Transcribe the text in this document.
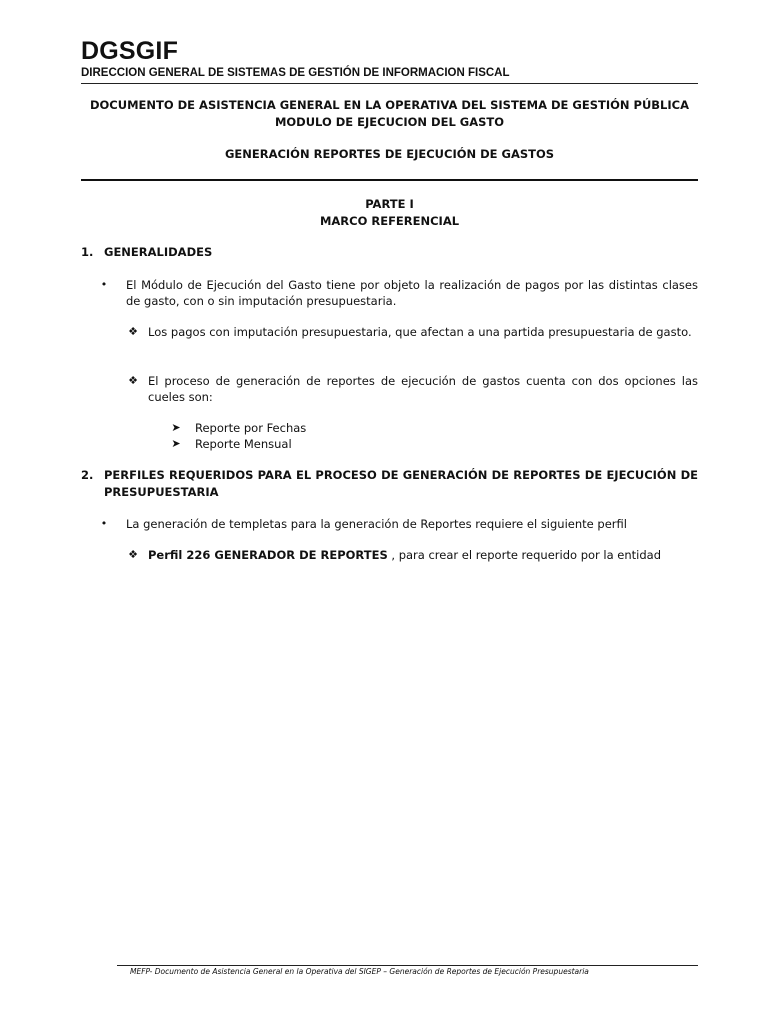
DGSGIF
DIRECCION GENERAL DE SISTEMAS DE GESTIÓN DE INFORMACION FISCAL
DOCUMENTO DE ASISTENCIA GENERAL EN LA OPERATIVA DEL SISTEMA DE GESTIÓN PÚBLICA
MODULO DE EJECUCION DEL GASTO
GENERACIÓN REPORTES DE EJECUCIÓN DE GASTOS
PARTE I
MARCO REFERENCIAL
1. GENERALIDADES
•	El Módulo de Ejecución del Gasto tiene por objeto la realización de pagos por las distintas clases de gasto, con o sin imputación presupuestaria.
❖ Los pagos con imputación presupuestaria, que afectan a una partida presupuestaria de gasto.
❖ El proceso de generación de reportes de ejecución de gastos cuenta con dos opciones las cueles son:
➤ Reporte por Fechas
➤ Reporte Mensual
2. PERFILES REQUERIDOS PARA EL PROCESO DE GENERACIÓN DE REPORTES DE EJECUCIÓN DE
PRESUPUESTARIA
•	La generación de templetas para la generación de Reportes requiere el siguiente perfil
❖ Perfil 226 GENERADOR DE REPORTES , para crear el reporte requerido por la entidad
MEFP- Documento de Asistencia General en la Operativa del SIGEP – Generación de Reportes de Ejecución Presupuestaria
